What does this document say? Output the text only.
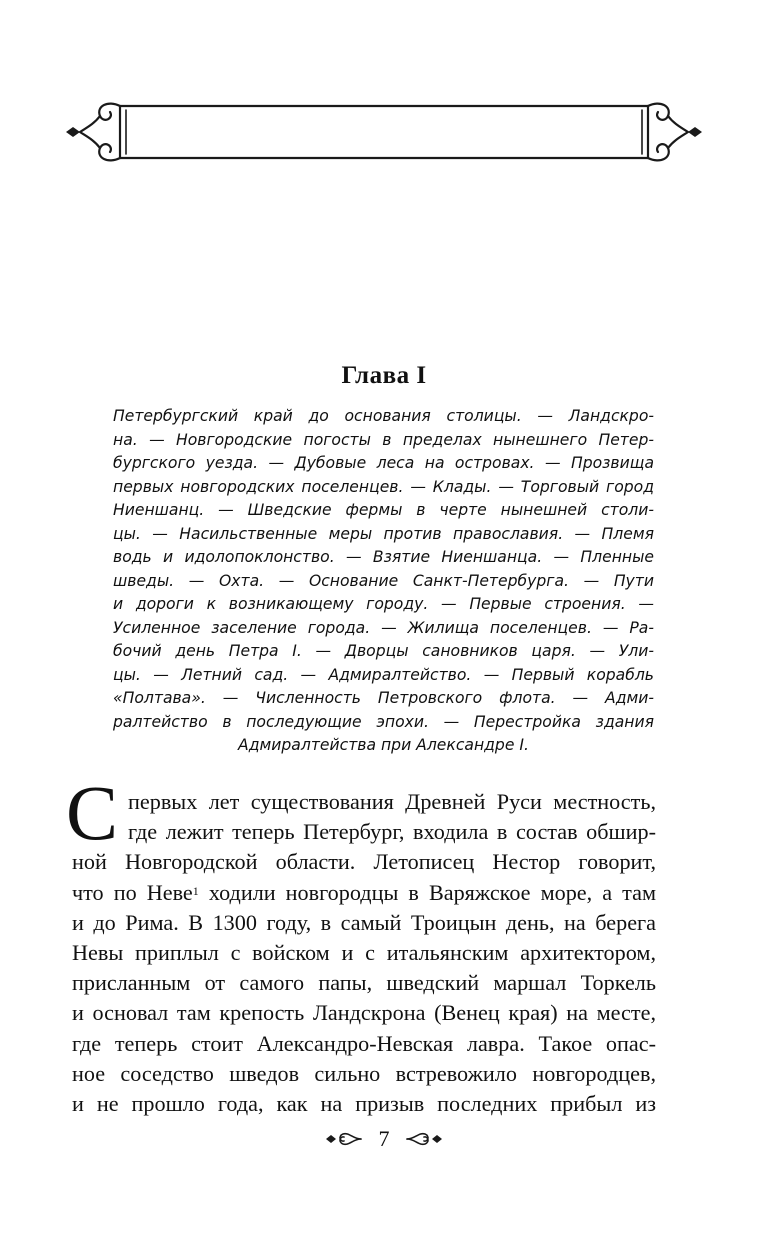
Глава I
Петербургский край до основания столицы. — Ландскро-
на. — Новгородские погосты в пределах нынешнего Петер-
бургского уезда. — Дубовые леса на островах. — Прозвища
первых новгородских поселенцев. — Клады. — Торговый город
Ниеншанц. — Шведские фермы в черте нынешней столи-
цы. — Насильственные меры против православия. — Племя
водь и идолопоклонство. — Взятие Ниеншанца. — Пленные
шведы. — Охта. — Основание Санкт-Петербурга. — Пути
и дороги к возникающему городу. — Первые строения. —
Усиленное заселение города. — Жилища поселенцев. — Ра-
бочий день Петра I. — Дворцы сановников царя. — Ули-
цы. — Летний сад. — Адмиралтейство. — Первый корабль
«Полтава». — Численность Петровского флота. — Адми-
ралтейство в последующие эпохи. — Перестройка здания
Адмиралтейства при Александре I.
С первых лет существования Древней Руси местность,
где лежит теперь Петербург, входила в состав обшир-
ной Новгородской области. Летописец Нестор говорит,
что по Неве$^1$ ходили новгородцы в Варяжское море, а там
и до Рима. В 1300 году, в самый Троицын день, на берега
Невы приплыл с войском и с итальянским архитектором,
присланным от самого папы, шведский маршал Торкель
и основал там крепость Ландскрона (Венец края) на месте,
где теперь стоит Александро-Невская лавра. Такое опас-
ное соседство шведов сильно встревожило новгородцев,
и не прошло года, как на призыв последних прибыл из
7
